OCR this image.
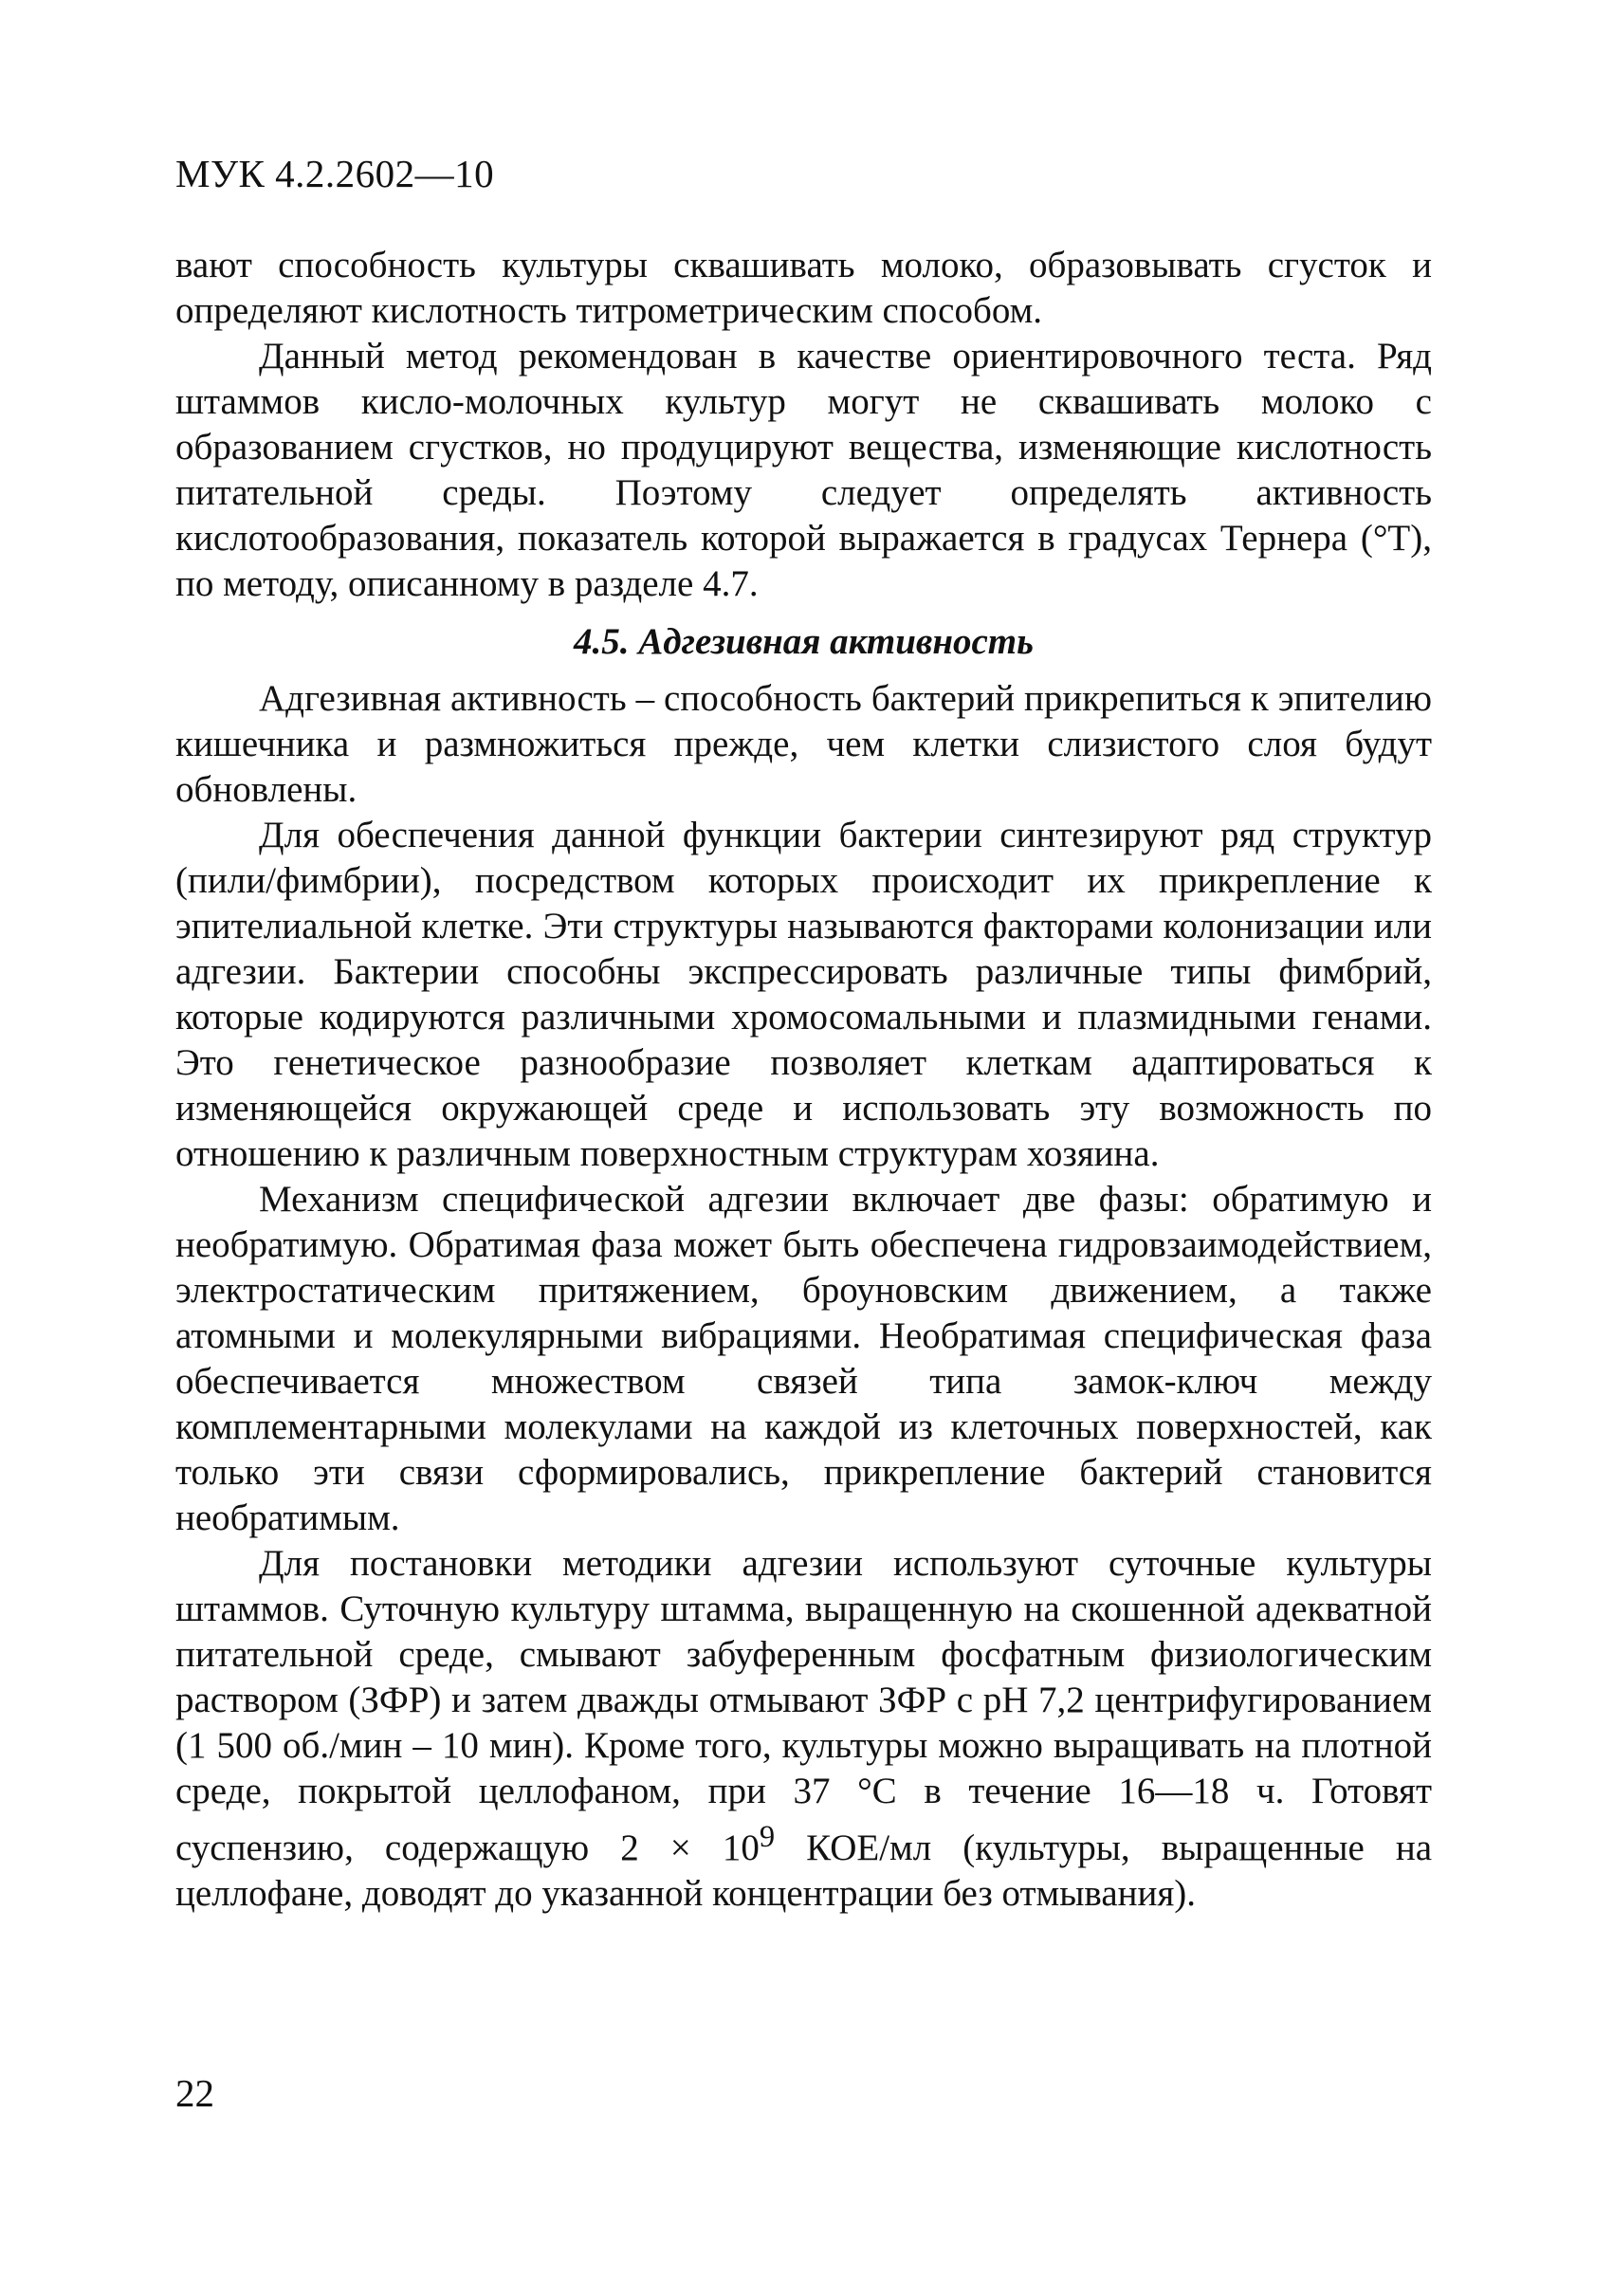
МУК 4.2.2602—10

вают способность культуры сквашивать молоко, образовывать сгусток и определяют кислотность титрометрическим способом.

Данный метод рекомендован в качестве ориентировочного теста. Ряд штаммов кисло-молочных культур могут не сквашивать молоко с образованием сгустков, но продуцируют вещества, изменяющие кислотность питательной среды. Поэтому следует определять активность кислотообразования, показатель которой выражается в градусах Тернера (°Т), по методу, описанному в разделе 4.7.

4.5. Адгезивная активность

Адгезивная активность – способность бактерий прикрепиться к эпителию кишечника и размножиться прежде, чем клетки слизистого слоя будут обновлены.

Для обеспечения данной функции бактерии синтезируют ряд структур (пили/фимбрии), посредством которых происходит их прикрепление к эпителиальной клетке. Эти структуры называются факторами колонизации или адгезии. Бактерии способны экспрессировать различные типы фимбрий, которые кодируются различными хромосомальными и плазмидными генами. Это генетическое разнообразие позволяет клеткам адаптироваться к изменяющейся окружающей среде и использовать эту возможность по отношению к различным поверхностным структурам хозяина.

Механизм специфической адгезии включает две фазы: обратимую и необратимую. Обратимая фаза может быть обеспечена гидровзаимодействием, электростатическим притяжением, броуновским движением, а также атомными и молекулярными вибрациями. Необратимая специфическая фаза обеспечивается множеством связей типа замок-ключ между комплементарными молекулами на каждой из клеточных поверхностей, как только эти связи сформировались, прикрепление бактерий становится необратимым.

Для постановки методики адгезии используют суточные культуры штаммов. Суточную культуру штамма, выращенную на скошенной адекватной питательной среде, смывают забуференным фосфатным физиологическим раствором (ЗФР) и затем дважды отмывают ЗФР с pH 7,2 центрифугированием (1 500 об./мин – 10 мин). Кроме того, культуры можно выращивать на плотной среде, покрытой целлофаном, при 37 °С в течение 16—18 ч. Готовят суспензию, содержащую $2 \times 10^9$ КОЕ/мл (культуры, выращенные на целлофане, доводят до указанной концентрации без отмывания).

22
